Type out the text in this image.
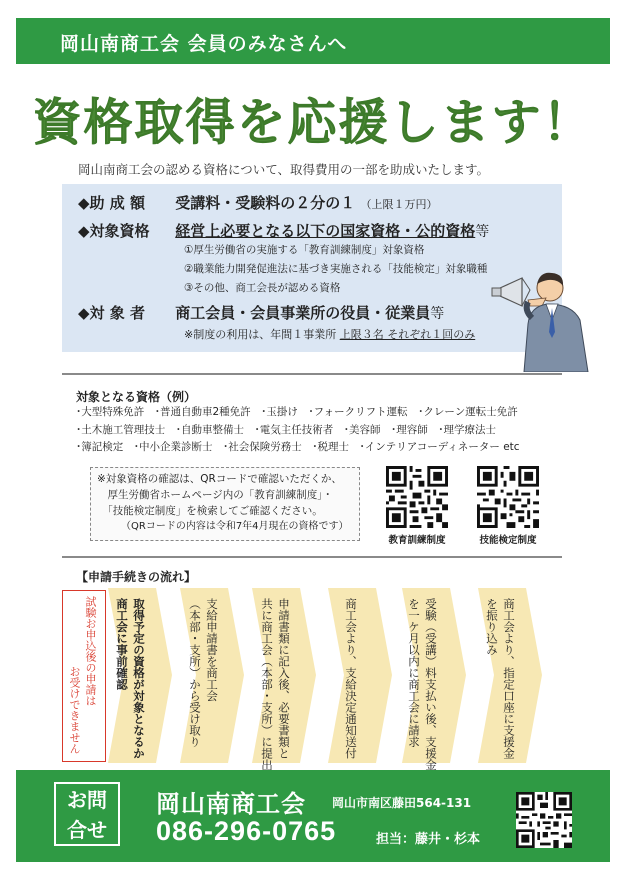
岡山南商工会 会員のみなさんへ
資格取得を応援します！
岡山南商工会の認める資格について、取得費用の一部を助成いたします。
◆助 成 額 受講料・受験料の２分の１ （上限１万円）
◆対象資格 経営上必要となる以下の国家資格・公的資格等
①厚生労働省の実施する「教育訓練制度」対象資格
②職業能力開発促進法に基づき実施される「技能検定」対象職種
③その他、商工会長が認める資格
◆対 象 者 商工会員・会員事業所の役員・従業員等
※制度の利用は、年間１事業所 上限３名 それぞれ１回のみ
対象となる資格（例）
･大型特殊免許　･普通自動車2種免許　･玉掛け　･フォークリフト運転　･クレーン運転士免許
･土木施工管理技士　･自動車整備士　･電気主任技術者　･美容師　･理容師　･理学療法士
･簿記検定　･中小企業診断士　･社会保険労務士　･税理士　･インテリアコーディネーター etc
※対象資格の確認は、QRコードで確認いただくか、
　厚生労働省ホームページ内の「教育訓練制度」・
　「技能検定制度」を検索してご確認ください。
（QRコードの内容は令和7年4月現在の資格です）
教育訓練制度	技能検定制度
【申請手続きの流れ】
試験お申込後の申請は
お受けできません	取得予定の資格が対象となるか
商工会に事前確認	支給申請書を商工会
（本部・支所）から受け取り	申請書類に記入後、必要書類と
共に商工会（本部・支所）に提出	商工会より、支給決定通知送付	受験（受講）料支払い後、支援金
を一ケ月以内に商工会に請求	商工会より、指定口座に支援金
を振り込み
お問
合せ
岡山南商工会 岡山市南区藤田564-131
086-296-0765	担当：藤井・杉本
